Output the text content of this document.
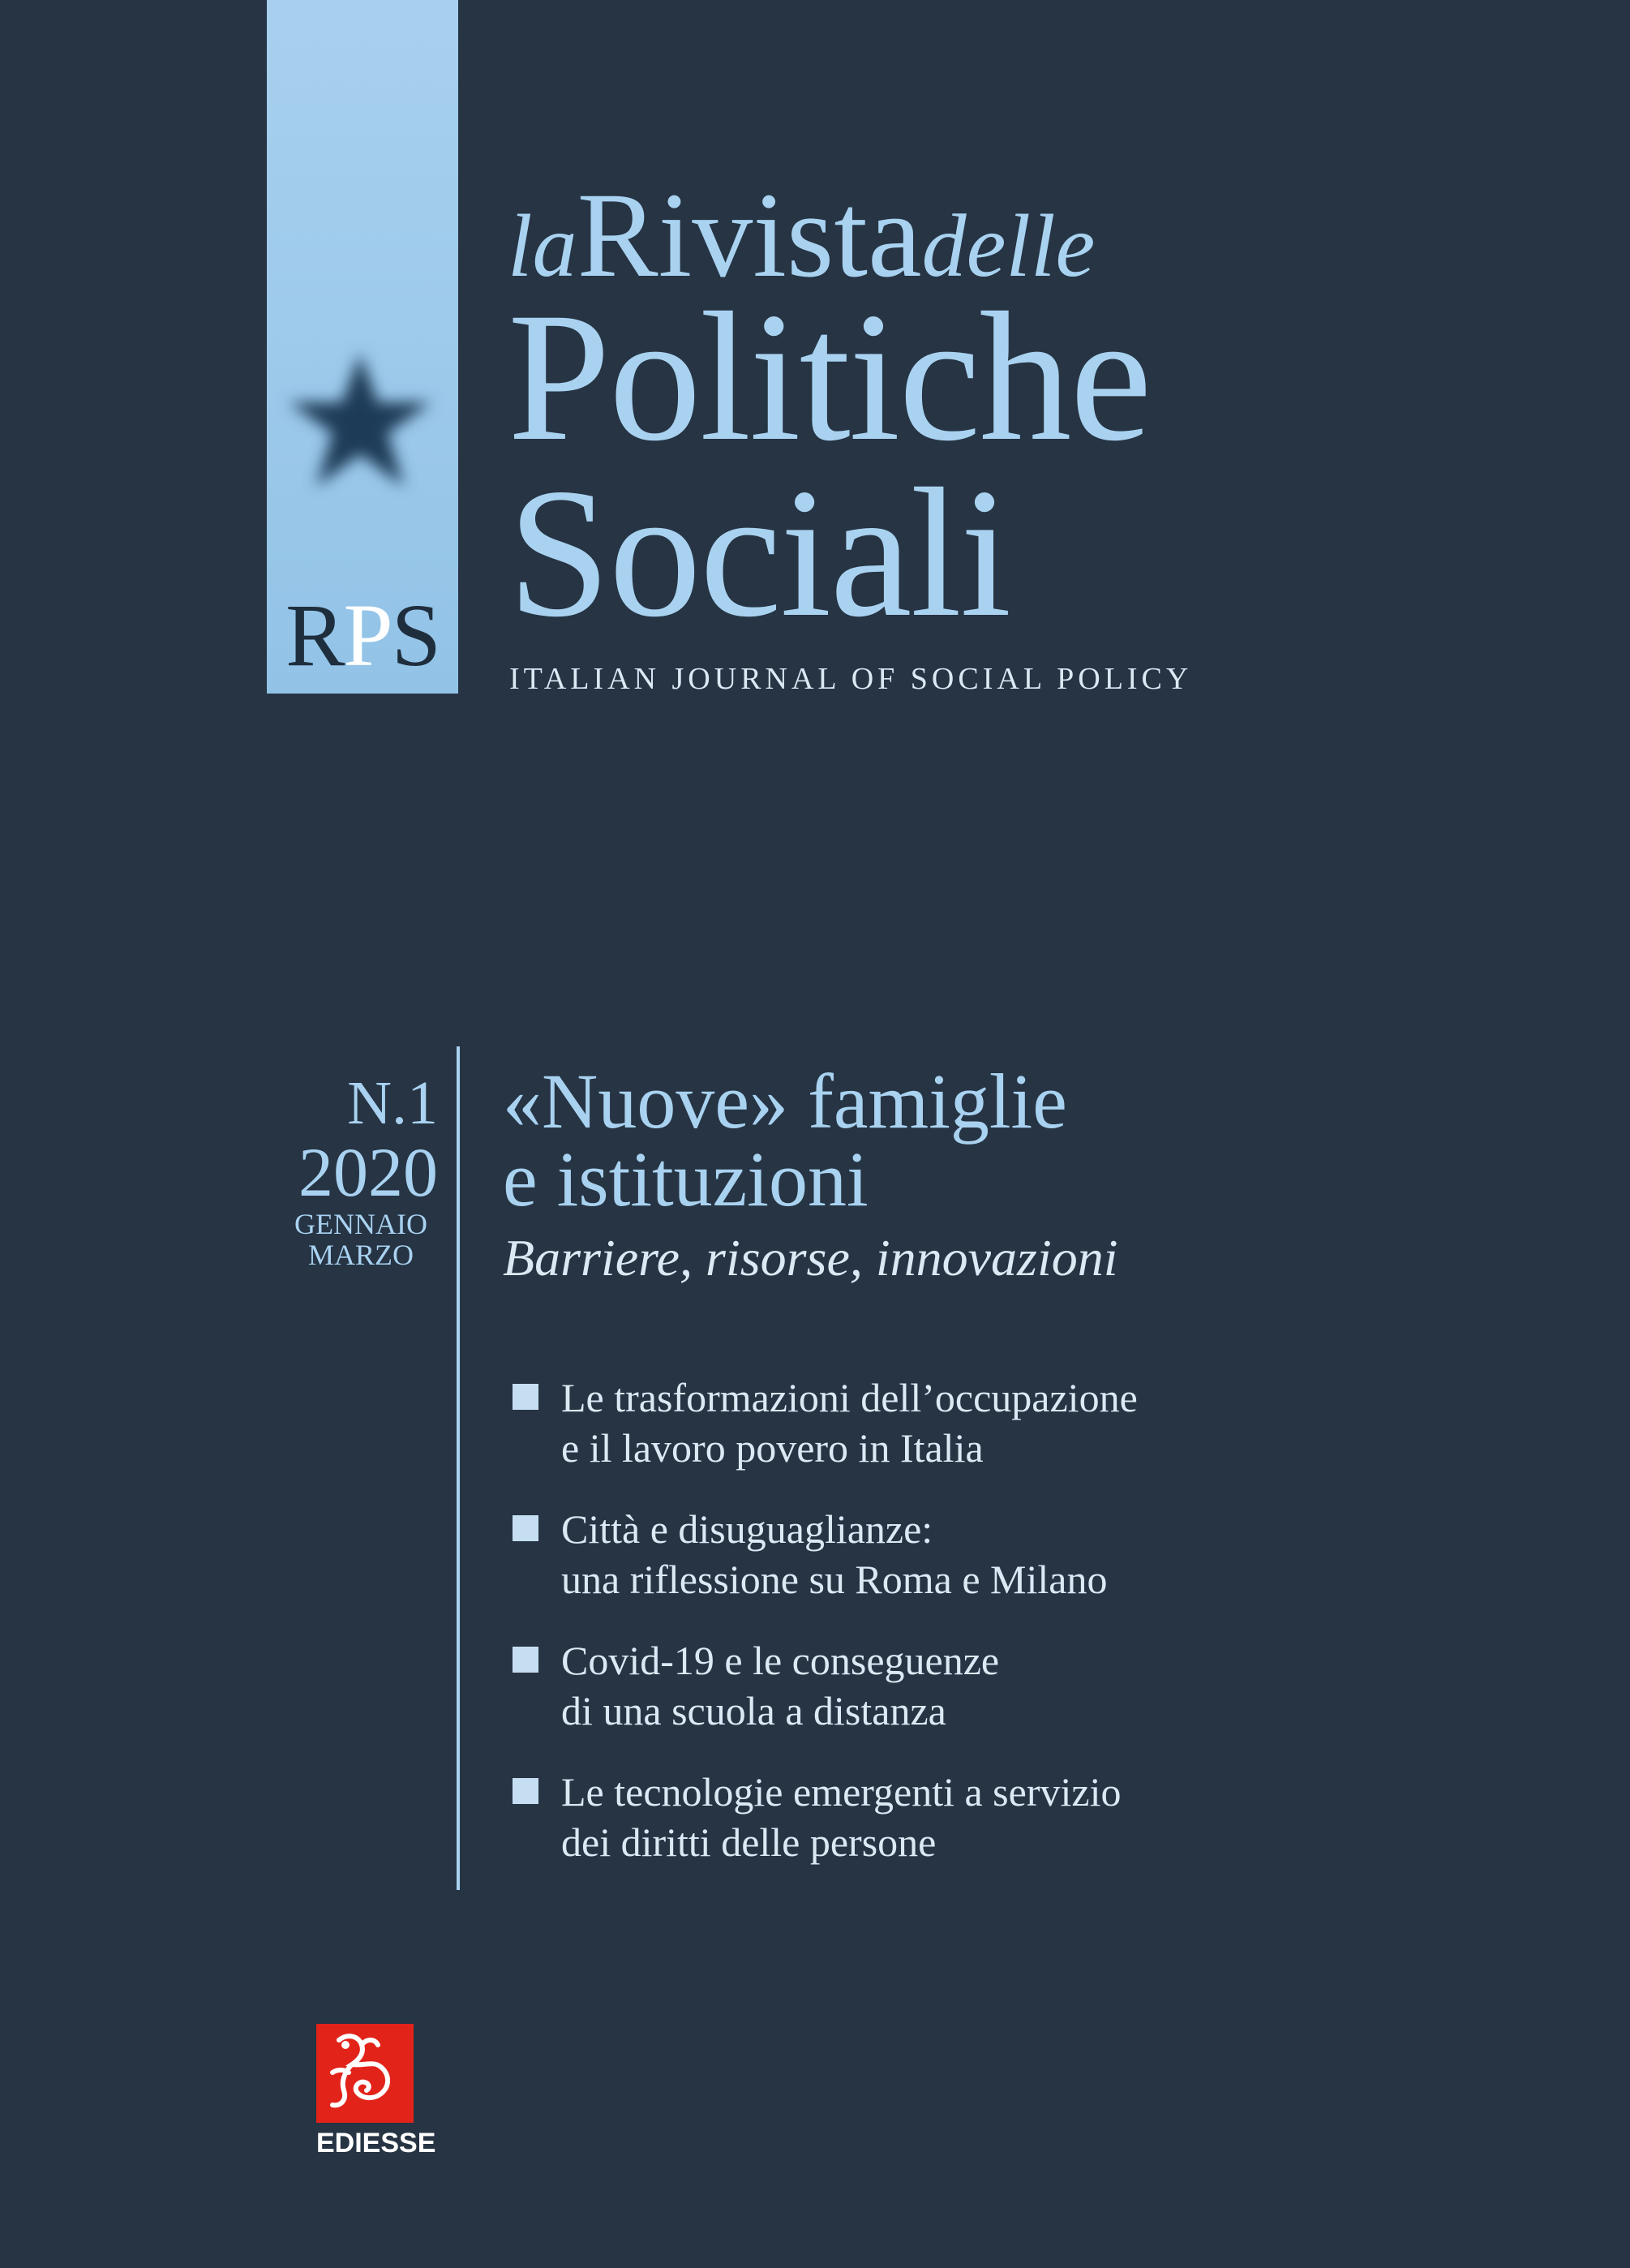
RPS
laRivistadelle
Politiche
Sociali
ITALIAN JOURNAL OF SOCIAL POLICY
N.1
2020
GENNAIO
MARZO
«Nuove» famiglie
e istituzioni
Barriere, risorse, innovazioni
Le trasformazioni dell’occupazione
e il lavoro povero in Italia
Città e disuguaglianze:
una riflessione su Roma e Milano
Covid-19 e le conseguenze
di una scuola a distanza
Le tecnologie emergenti a servizio
dei diritti delle persone
EDIESSE
